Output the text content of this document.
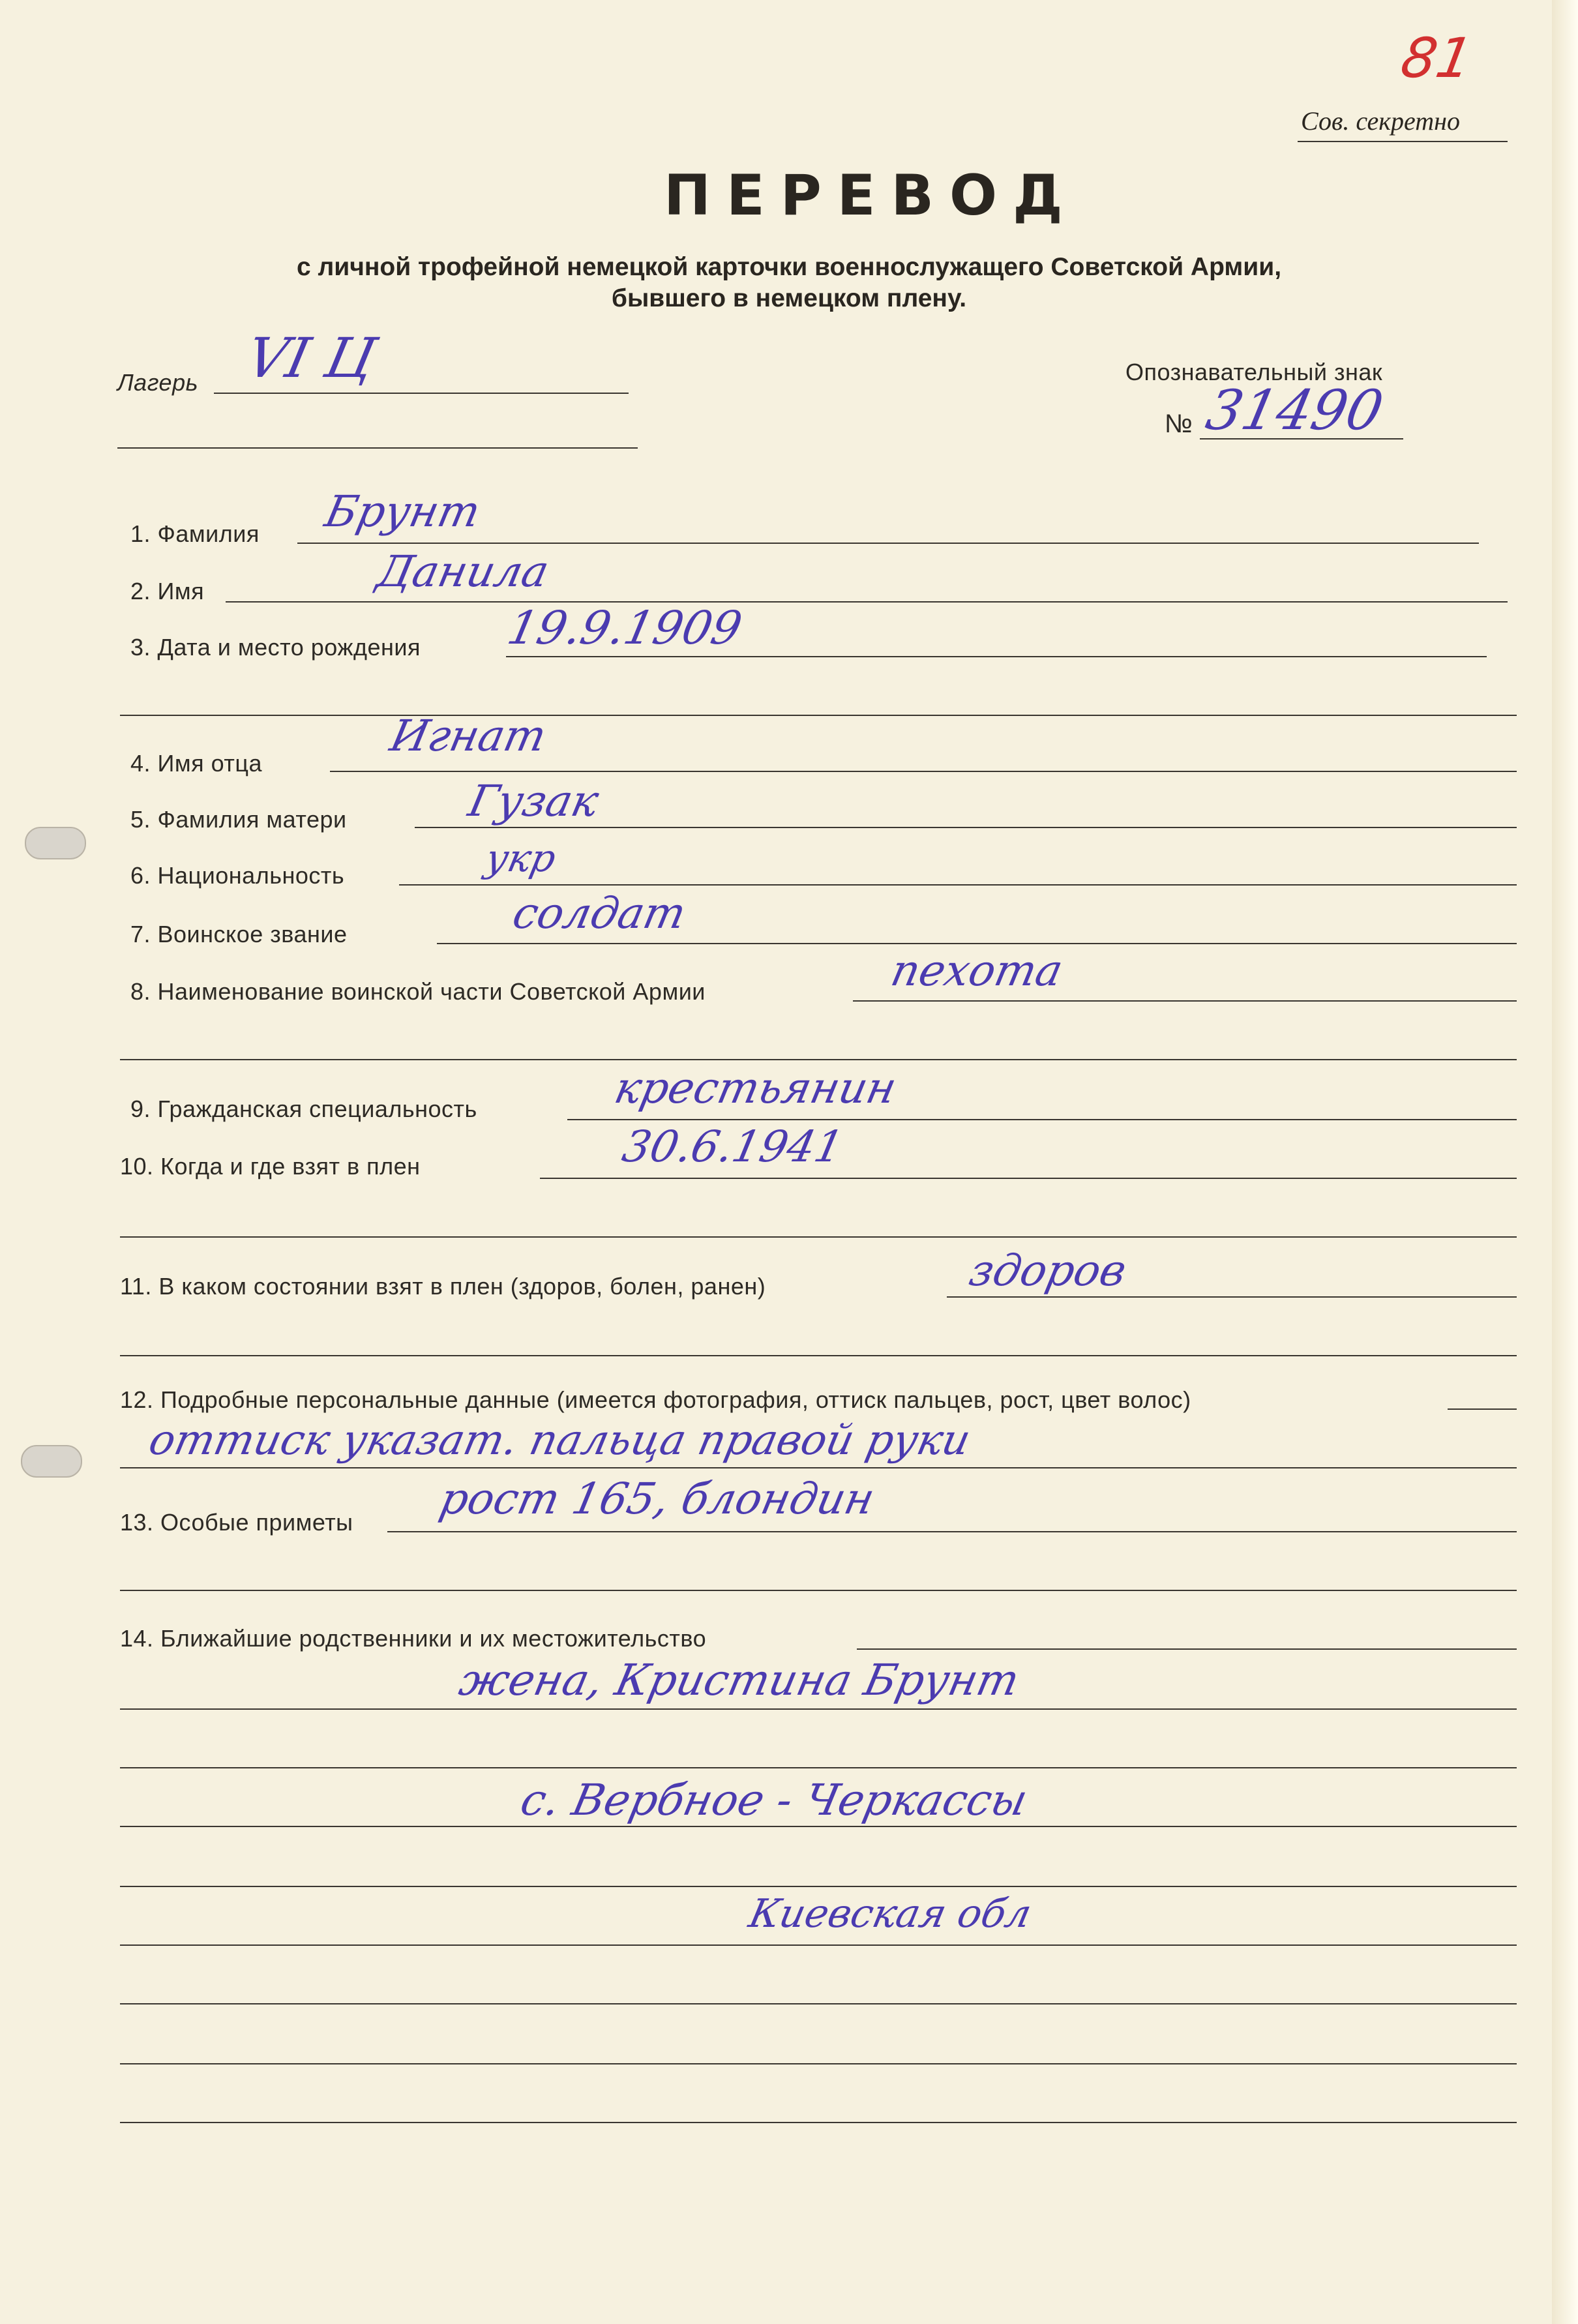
81
Сов. секретно
ПЕРЕВОД
с личной трофейной немецкой карточки военнослужащего Советской Армии,
бывшего в немецком плену.
Лагерь VI Ц	Опознавательный знак
№ 31490
1. Фамилия Брунт
2. Имя	Данила
3. Дата и место рождения 19.9.1909
4. Имя отца
Игнат
5. Фамилия матери	Гузак
6. Национальность	укр
7. Воинское звание	солдат
8. Наименование воинской части Советской Армии	пехота
9. Гражданская специальность	крестьянин
10. Когда и где взят в плен	30.6.1941
11. В каком состоянии взят в плен (здоров, болен, ранен)	здоров
12. Подробные персональные данные (имеется фотография, оттиск пальцев, рост, цвет волос)
оттиск указат. пальца правой руки
13. Особые приметы рост 165, блондин
14. Ближайшие родственники и их местожительство
жена, Кристина Брунт
с. Вербное - Черкассы
Киевская обл
